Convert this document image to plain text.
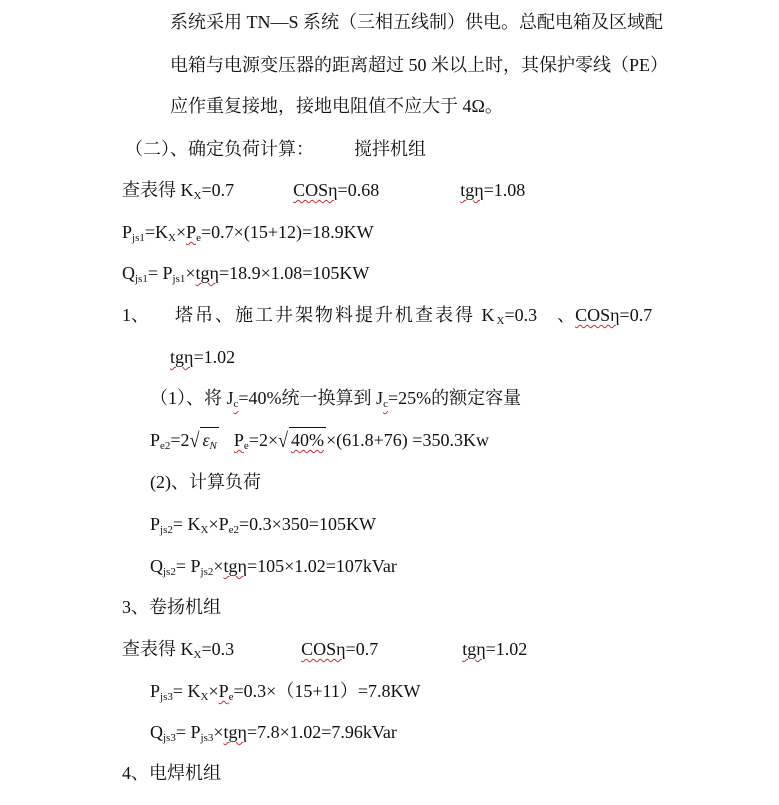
系统采用 TN—S 系统（三相五线制）供电。总配电箱及区域配
电箱与电源变压器的距离超过 50 米以上时，其保护零线（PE）
应作重复接地，接地电阻值不应大于 4Ω。
（二）、确定负荷计算： 搅拌机组
查表得 $K_X=0.7$	COSη=0.68	tgη=1.08
$P_{js1}=K_X\times P_e=0.7\times(15+12)=18.9KW$
$Q_{js1}= P_{js1}\times tg\eta=18.9\times 1.08=105KW$
1、 塔吊、施工井架物料提升机查表得 $K_X=0.3$ 、COSη=0.7
tgη=1.02
（1）、将 $J_c=40\%$统一换算到 $J_c=25\%$的额定容量
$P_{e2}=2√$ $\varepsilon_N$ $P_e=2\times√$ 40% ×(61.8+76) =350.3Kw
(2)、计算负荷
$P_{js2}= K_X\times P_{e2}=0.3\times 350=105KW$
$Q_{js2}=$ $P_{js2}\times tg\eta=105\times 1.02=107kVar$
3、卷扬机组
查表得 $K_X=0.3$	COSη=0.7	tgη=1.02
$P_{js3}= K_X\times P_e=0.3\times(15+11)=7.8KW$
$Q_{js3}=$ $P_{js3}\times tg\eta=7.8\times 1.02=7.96kVar$
4、电焊机组
